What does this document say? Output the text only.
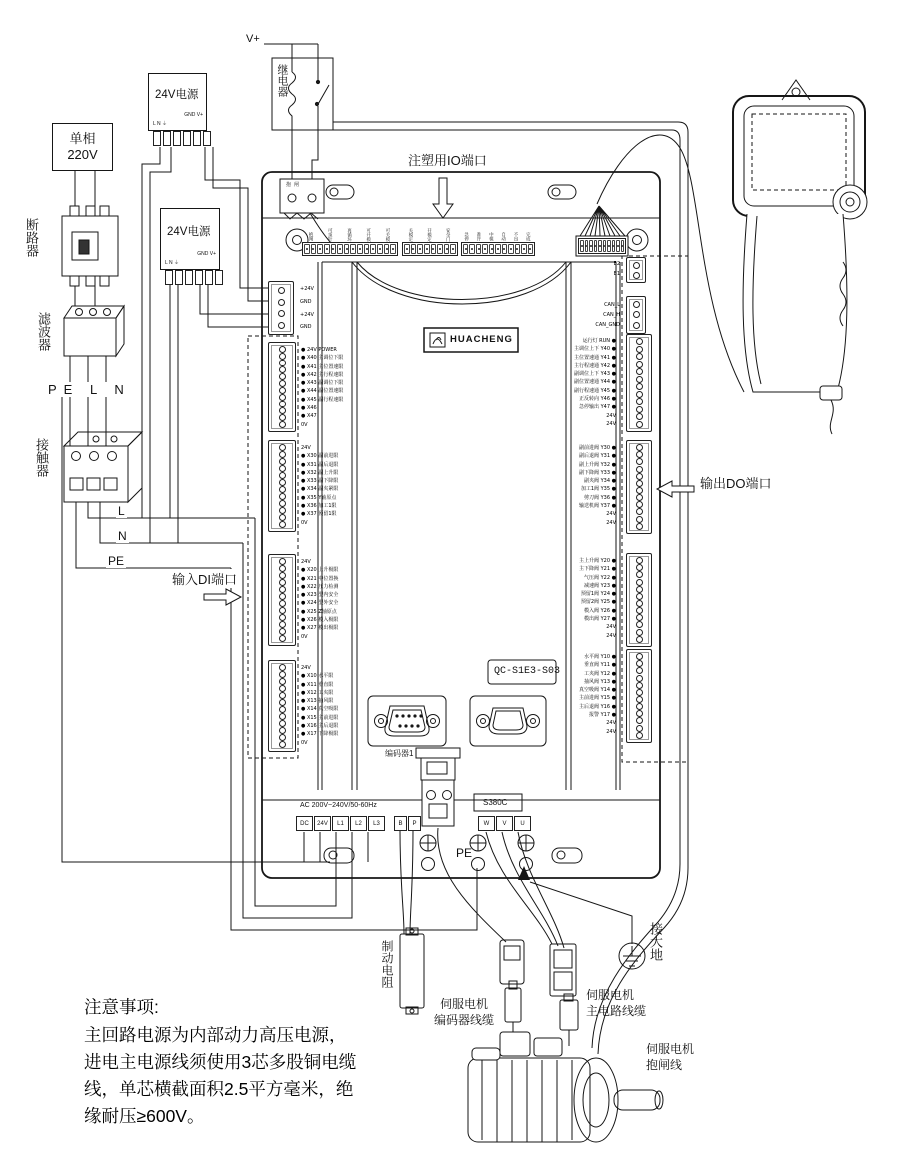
单相
220V
断路器
滤波器
PE L N
接触器
L
N
PE
24V电源
GND V+
L N ⏚
24V电源
GND V+
L N ⏚
V+
继电器
注塑用IO端口
输入DI端口
输出DO端口
抱闸
抱闸	可顶针	再循环	可开模	可关模	关模定	开模定	安全门	急停 准许 中模 自动 不良 完成
+24V
GND
+24V
GND
E2
E1
CAN_L
CAN_H
CAN_GND
HUACHENG
● 24V POWER
● X40 主调位下限
● X41 主位置速限
● X42 主行程速限
● X43 副调位下限
● X44 副位置速限
● X45 副行程速限
● X46
● X47
0V
24V
● X30 副前进限
● X31 副后退限
● X32 副上升限
● X33 副下降限
● X34 副夹紧限
● X35 Y轴原点
● X36 加工1限
● X37 预留1限
0V
24V
● X20 上升极限
● X21 中位置换
● X22 压力检测
● X23 型内安全
● X24 型外安全
● X25 Z轴原点
● X26 模入极限
● X27 模出极限
0V
24V
● X10 水平限
● X11 垂直限
● X12 工夹限
● X13 抽风限
● X14 真空吸限
● X15 主前进限
● X16 主后退限
● X17 下降极限
0V
运行灯 RUN ●
主调位上下 Y40 ●
主位置速通 Y41 ●
主行程速通 Y42 ●
副调位上下 Y43 ●
副位置速通 Y44 ●
副行程速通 Y45 ●
正反转向 Y46 ●
急停输出 Y47 ●
24V
24V
副前进阀 Y30 ●
副后退阀 Y31 ●
副上升阀 Y32 ●
副下降阀 Y33 ●
副夹阀 Y34 ●
加工1阀 Y35 ●
剪刀阀 Y36 ●
输送机阀 Y37 ●
24V
24V
主上升阀 Y20 ●
主下降阀 Y21 ●
气压阀 Y22 ●
减速阀 Y23 ●
预留1阀 Y24 ●
预留2阀 Y25 ●
模入阀 Y26 ●
模出阀 Y27 ●
24V
24V
水平阀 Y10 ●
垂直阀 Y11 ●
工夹阀 Y12 ●
抽风阀 Y13 ●
真空吸阀 Y14 ●
主前进阀 Y15 ●
主后退阀 Y16 ●
报警 Y17 ●
24V
24V
QC-S1E3-S03
编码器1
S380C
AC 200V~240V/50-60Hz
DC	24V	L1	L2	L3	B	P	W	V	U
PE
制动电阻	接大地
伺服电机
编码器线缆
伺服电机
主电路线缆
伺服电机
抱闸线
注意事项:
主回路电源为内部动力高压电源，
进电主电源线须使用3芯多股铜电缆
线，单芯横截面积2.5平方毫米，绝
缘耐压≥600V。
